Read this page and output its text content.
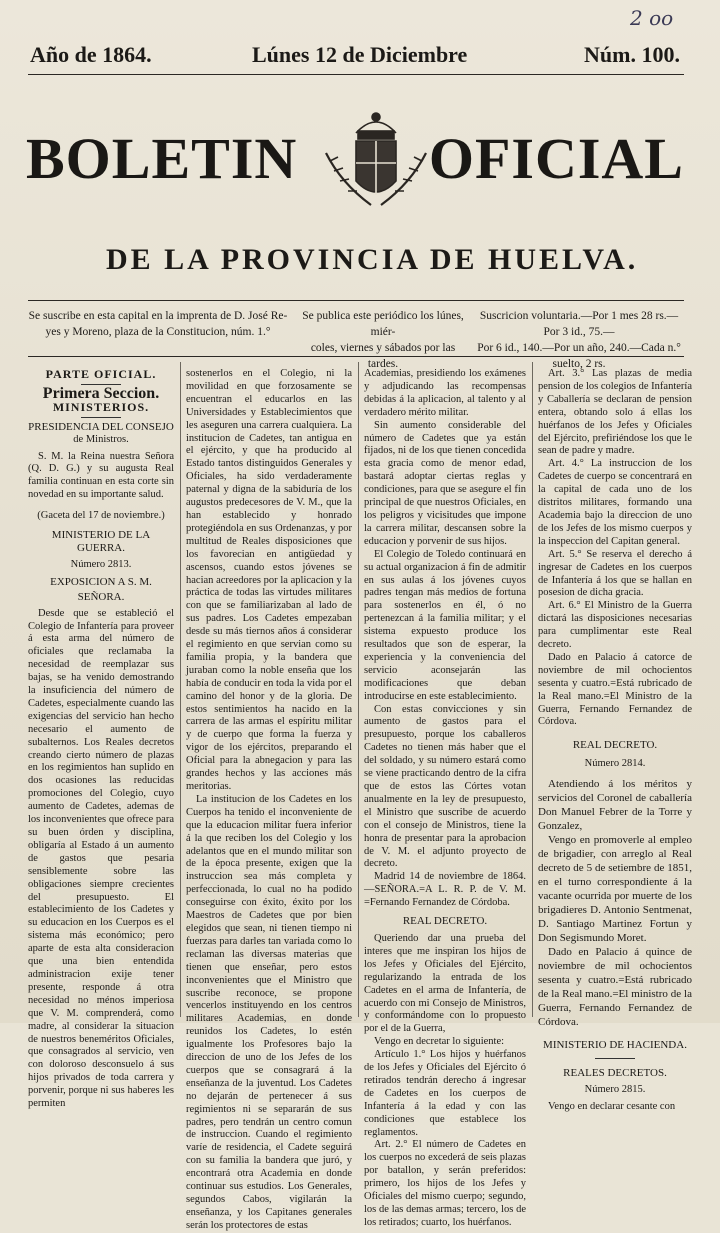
2 oo
Año de 1864.	Lúnes 12 de Diciembre	Núm. 100.
BOLETIN OFICIAL
DE LA PROVINCIA DE HUELVA.
Se suscribe en esta capital en la imprenta de D. José Re-
yes y Moreno, plaza de la Constitucion, núm. 1.°
Se publica este periódico los lúnes, miér-
coles, viernes y sábados por las tardes.
Suscricion voluntaria.—Por 1 mes 28 rs.—Por 3 id., 75.—
Por 6 id., 140.—Por un año, 240.—Cada n.° suelto, 2 rs.

PARTE OFICIAL.

Primera Seccion.

MINISTERIOS.

PRESIDENCIA DEL CONSEJO

de Ministros.

S. M. la Reina nuestra Señora (Q. D. G.) y su augusta Real familia continuan en esta corte sin novedad en su importante salud.

(Gaceta del 17 de noviembre.)

MINISTERIO DE LA GUERRA.

Número 2813.

EXPOSICION A S. M.

SEÑORA.

Desde que se estableció el Colegio de Infantería para proveer á esta arma del número de oficiales que reclamaba la necesidad de reemplazar sus bajas, se ha venido demostrando la insuficiencia del número de Cadetes, especialmente cuando las exigencias del servicio han hecho necesario el aumento de subalternos. Los Reales decretos creando cierto número de plazas en los regimientos han suplido en dos ocasiones las reducidas promociones del Colegio, cuyo aumento de Cadetes, ademas de los inconvenientes que ofrece para su buen órden y disciplina, obligaría al Estado á un aumento de gastos que pesaria sensiblemente sobre las obligaciones siempre crecientes del presupuesto. El establecimiento de los Cadetes y su educacion en los Cuerpos es el sistema más económico; pero aparte de esta alta consideracion que una bien entendida administracion exije tener presente, responde á otra necesidad no ménos imperiosa que V. M. comprenderá, como madre, al considerar la situacion de nuestros beneméritos Oficiales, que consagrados al servicio, ven con doloroso desconsuelo á sus hijos privados de toda carrera y porvenir, porque ni sus haberes les permiten

sostenerlos en el Colegio, ni la movilidad en que forzosamente se encuentran el educarlos en las Universidades y Establecimientos que les aseguren una carrera cualquiera. La institucion de Cadetes, tan antigua en el ejército, y que ha producido al Estado tantos distinguidos Generales y Oficiales, ha sido verdaderamente paternal y digna de la sabiduría de los augustos predecesores de V. M., que la han establecido y honrado protegiéndola en sus Ordenanzas, y por multitud de Reales disposiciones que los favorecian en antigüedad y ascensos, cuando estos jóvenes se hacian acreedores por la aplicacion y la práctica de todas las virtudes militares con que se familiarizaban al lado de sus padres. Los Cadetes empezaban desde su más tiernos años á considerar el regimiento en que servian como su familia propia, y la bandera que juraban como la noble enseña que los había de conducir en toda la vida por el camino del honor y de la gloria. De estos sentimientos ha nacido en la carrera de las armas el espíritu militar y de cuerpo que forma la fuerza y vigor de los ejércitos, preparando el Oficial para la abnegacion y para las grandes hechos y las acciones más meritorias.

La institucion de los Cadetes en los Cuerpos ha tenido el inconveniente de que la educacion militar fuera inferior á la que reciben los del Colegio y los adelantos que en el mundo militar son de la época presente, exigen que la instruccion sea más completa y perfeccionada, lo cual no ha podido conseguirse con éxito, éxito por los Maestros de Cadetes que por bien elegidos que sean, ni tienen tiempo ni fuerzas para darles tan variada como lo reclaman las diversas materias que tienen que enseñar, pero estos inconvenientes que el Ministro que suscribe reconoce, se propone vencerlos instituyendo en los centros militares Academias, en donde reunidos los Cadetes, lo estén igualmente los Profesores bajo la direccion de uno de los Jefes de los cuerpos que se consagrará á la enseñanza de la juventud. Los Cadetes no dejarán de pertenecer á sus regimientos ni se separarán de sus padres, pero tendrán un centro comun de instruccion. Cuando el regimiento varíe de residencia, el Cadete seguirá con su familia la bandera que juró, y encontrará otra Academia en donde continuar sus estudios. Los Generales, segundos Cabos, vigilarán la enseñanza, y los Capitanes generales serán los protectores de estas

Academias, presidiendo los exámenes y adjudicando las recompensas debidas á la aplicacion, al talento y al verdadero mérito militar.

Sin aumento considerable del número de Cadetes que ya están fijados, ni de los que tienen concedida esta gracia como de menor edad, bastará adoptar ciertas reglas y condiciones, para que se asegure el fin principal de que nuestros Oficiales, en los peligros y vicisitudes que impone la carrera militar, descansen sobre la educacion y porvenir de sus hijos.

El Colegio de Toledo continuará en su actual organizacion á fin de admitir en sus aulas á los jóvenes cuyos padres tengan más medios de fortuna para sostenerlos en él, ó no pertenezcan á la familia militar; y el sistema expuesto produce los resultados que son de esperar, la experiencia y la conveniencia del servicio aconsejarán las modificaciones que deban introducirse en este establecimiento.

Con estas convicciones y sin aumento de gastos para el presupuesto, porque los caballeros Cadetes no tienen más haber que el del soldado, y su número estará como se viene practicando dentro de la cifra que de estos las Córtes votan anualmente en la ley de presupuesto, el Ministro que suscribe de acuerdo con el consejo de Ministros, tiene la honra de presentar para la aprobacion de V. M. el adjunto proyecto de decreto.

Madrid 14 de noviembre de 1864. —SEÑORA.=A L. R. P. de V. M. =Fernando Fernandez de Córdoba.

REAL DECRETO.

Queriendo dar una prueba del interes que me inspiran los hijos de los Jefes y Oficiales del Ejército, regularizando la entrada de los Cadetes en el arma de Infantería, de acuerdo con mi Consejo de Ministros, y conformándome con lo propuesto por el de la Guerra,

Vengo en decretar lo siguiente:

Artículo 1.° Los hijos y huérfanos de los Jefes y Oficiales del Ejército ó retirados tendrán derecho á ingresar de Cadetes en los cuerpos de Infantería á la edad y con las condiciones que establece los reglamentos.

Art. 2.° El número de Cadetes en los cuerpos no excederá de seis plazas por batallon, y serán preferidos: primero, los hijos de los Jefes y Oficiales del mismo cuerpo; segundo, los de las demas armas; tercero, los de los retirados; cuarto, los huérfanos.

Art. 3.° Las plazas de media pension de los colegios de Infantería y Caballería se declaran de pension entera, obtando solo á ellas los huérfanos de los Jefes y Oficiales del Ejército, prefiriéndose los que le sean de padre y madre.

Art. 4.° La instruccion de los Cadetes de cuerpo se concentrará en la capital de cada uno de los distritos militares, formando una Academia bajo la direccion de uno de los Jefes de los mismo cuerpos y la inspeccion del Capitan general.

Art. 5.° Se reserva el derecho á ingresar de Cadetes en los cuerpos de Infantería á los que se hallan en posesion de dicha gracia.

Art. 6.° El Ministro de la Guerra dictará las disposiciones necesarias para cumplimentar este Real decreto.

Dado en Palacio á catorce de noviembre de mil ochocientos sesenta y cuatro.=Está rubricado de la Real mano.=El Ministro de la Guerra, Fernando Fernandez de Córdova.

REAL DECRETO.

Número 2814.

Atendiendo á los méritos y servicios del Coronel de caballería Don Manuel Febrer de la Torre y Gonzalez,

Vengo en promoverle al empleo de brigadier, con arreglo al Real decreto de 5 de setiembre de 1851, en el turno correspondiente á la vacante ocurrida por muerte de los brigadieres D. Antonio Sentmenat, D. Santiago Martinez Fortun y Don Segismundo Moret.

Dado en Palacio á quince de noviembre de mil ochocientos sesenta y cuatro.=Está rubricado de la Real mano.=El ministro de la Guerra, Fernando Fernandez de Córdova.

MINISTERIO DE HACIENDA.

REALES DECRETOS.

Número 2815.

Vengo en declarar cesante con
